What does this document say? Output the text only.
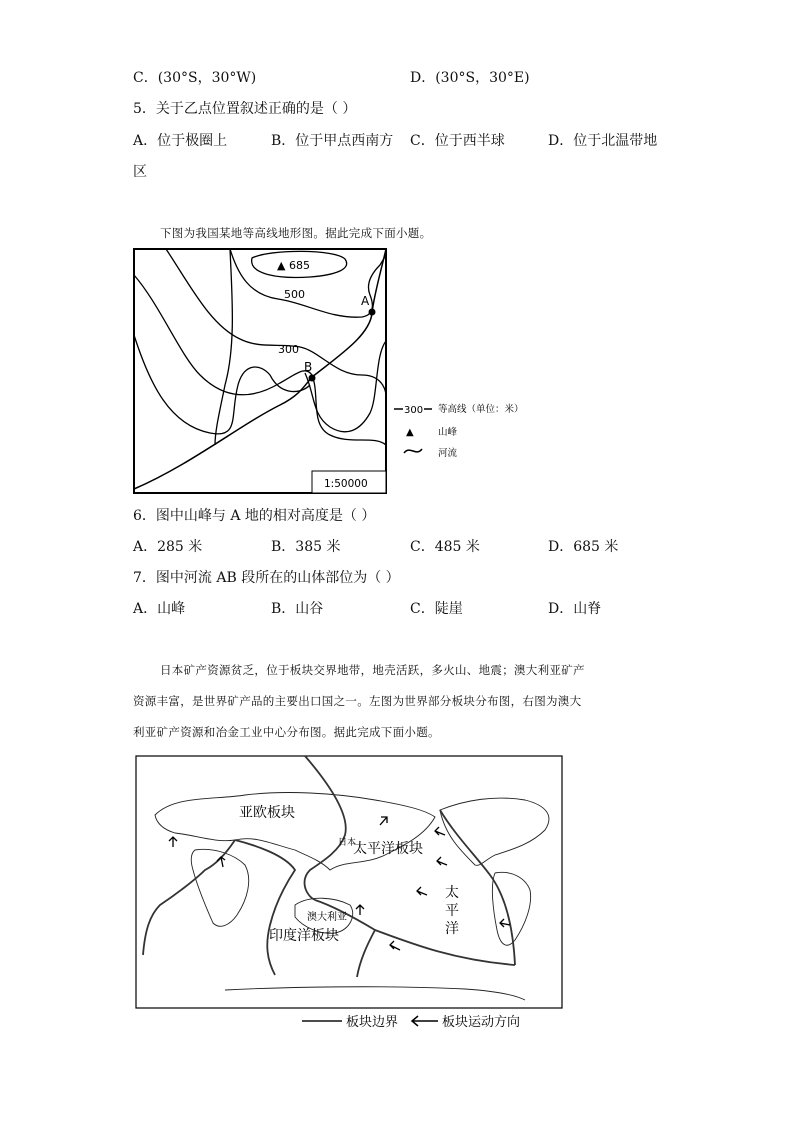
C．(30°S，30°W)	D．(30°S，30°E)
5．关于乙点位置叙述正确的是（ ）
A．位于极圈上	B．位于甲点西南方 C．位于西半球	D．位于北温带地
区
下图为我国某地等高线地形图。据此完成下面小题。
▲ 685
500
300
A
B
1:50000
300 等高线（单位：米）
▲	山峰
河流
6．图中山峰与 A 地的相对高度是（ ）
A．285 米	B．385 米	C．485 米	D．685 米
7．图中河流 AB 段所在的山体部位为（ ）
A．山峰	B．山谷	C．陡崖	D．山脊
日本矿产资源贫乏，位于板块交界地带，地壳活跃，多火山、地震；澳大利亚矿产
资源丰富，是世界矿产品的主要出口国之一。左图为世界部分板块分布图，右图为澳大
利亚矿产资源和冶金工业中心分布图。据此完成下面小题。
亚欧板块
太平洋板块
日本
太
平
洋
澳大利亚
印度洋板块
板块边界	板块运动方向
